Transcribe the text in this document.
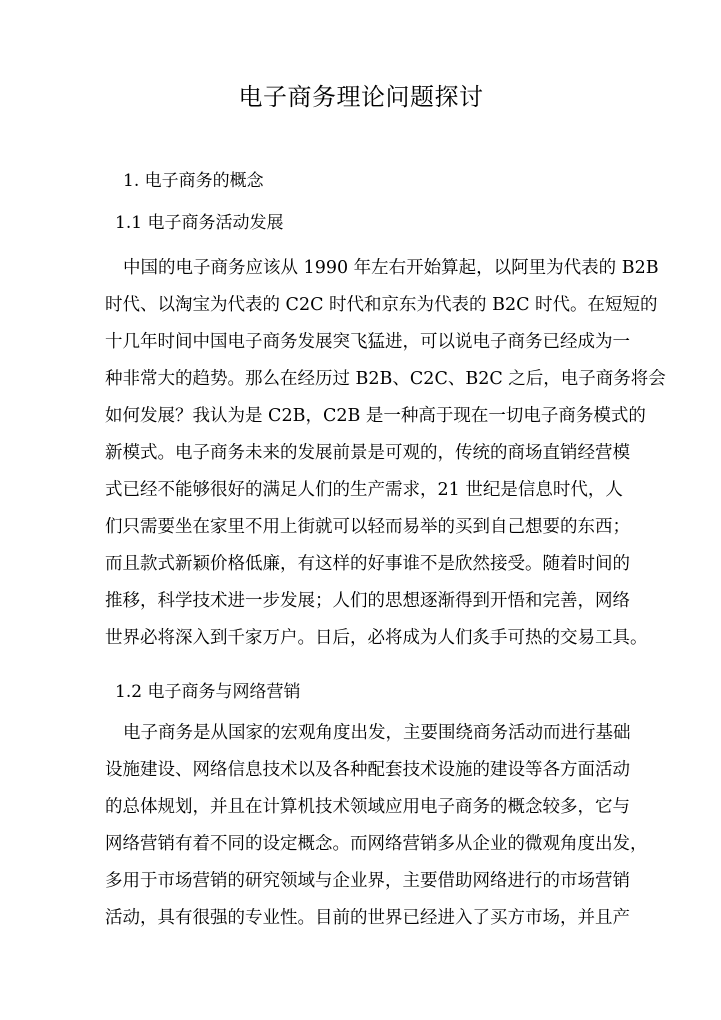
电子商务理论问题探讨
1. 电子商务的概念
1.1 电子商务活动发展
中国的电子商务应该从 1990 年左右开始算起，以阿里为代表的 B2B
时代、以淘宝为代表的 C2C 时代和京东为代表的 B2C 时代。在短短的
十几年时间中国电子商务发展突飞猛进，可以说电子商务已经成为一
种非常大的趋势。那么在经历过 B2B、C2C、B2C 之后，电子商务将会
如何发展？我认为是 C2B，C2B 是一种高于现在一切电子商务模式的
新模式。电子商务未来的发展前景是可观的，传统的商场直销经营模
式已经不能够很好的满足人们的生产需求，21 世纪是信息时代，人
们只需要坐在家里不用上街就可以轻而易举的买到自己想要的东西；
而且款式新颖价格低廉，有这样的好事谁不是欣然接受。随着时间的
推移，科学技术进一步发展；人们的思想逐渐得到开悟和完善，网络
世界必将深入到千家万户。日后，必将成为人们炙手可热的交易工具。
1.2 电子商务与网络营销
电子商务是从国家的宏观角度出发，主要围绕商务活动而进行基础
设施建设、网络信息技术以及各种配套技术设施的建设等各方面活动
的总体规划，并且在计算机技术领域应用电子商务的概念较多，它与
网络营销有着不同的设定概念。而网络营销多从企业的微观角度出发，
多用于市场营销的研究领域与企业界，主要借助网络进行的市场营销
活动，具有很强的专业性。目前的世界已经进入了买方市场，并且产
